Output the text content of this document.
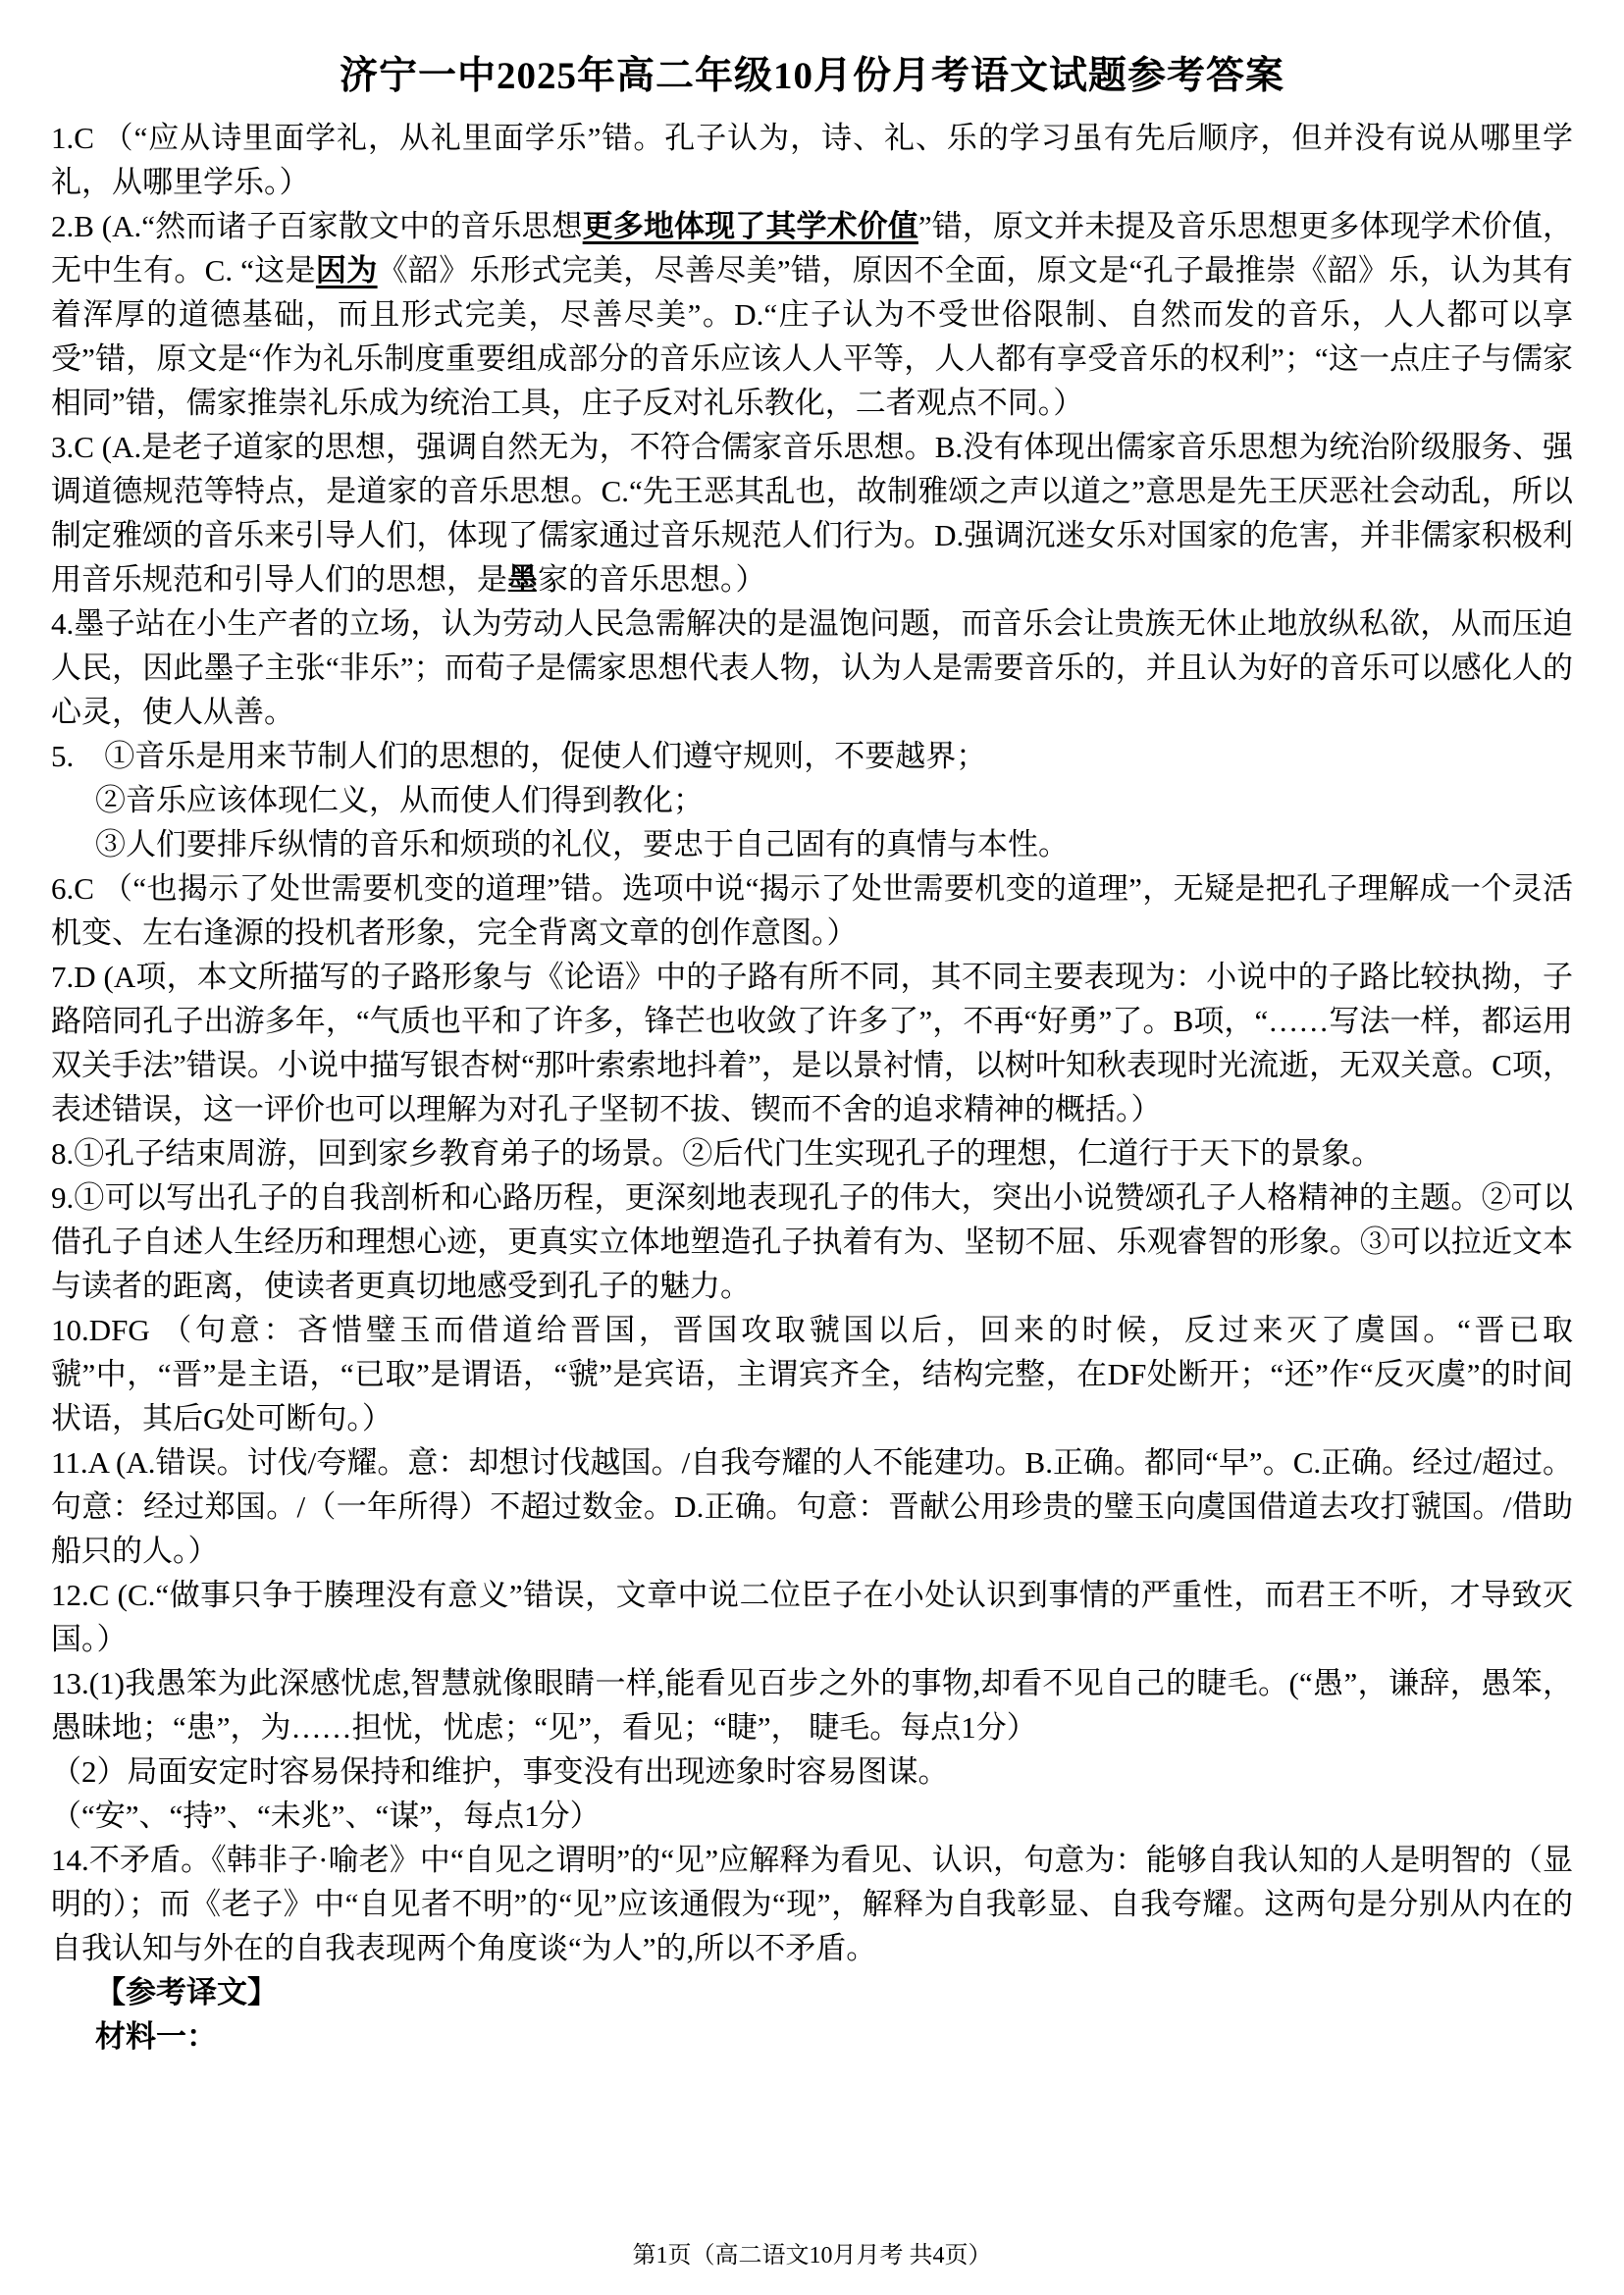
济宁一中2025年高二年级10月份月考语文试题参考答案

1.C （“应从诗里面学礼，从礼里面学乐”错。孔子认为，诗、礼、乐的学习虽有先后顺序，但并没有说从哪里学礼，从哪里学乐。）

2.B (A.“然而诸子百家散文中的音乐思想更多地体现了其学术价值”错，原文并未提及音乐思想更多体现学术价值，无中生有。C. “这是因为《韶》乐形式完美，尽善尽美”错，原因不全面，原文是“孔子最推崇《韶》乐，认为其有着浑厚的道德基础，而且形式完美，尽善尽美”。D.“庄子认为不受世俗限制、自然而发的音乐，人人都可以享受”错，原文是“作为礼乐制度重要组成部分的音乐应该人人平等，人人都有享受音乐的权利”；“这一点庄子与儒家相同”错，儒家推崇礼乐成为统治工具，庄子反对礼乐教化，二者观点不同。）

3.C (A.是老子道家的思想，强调自然无为，不符合儒家音乐思想。B.没有体现出儒家音乐思想为统治阶级服务、强调道德规范等特点，是道家的音乐思想。C.“先王恶其乱也，故制雅颂之声以道之”意思是先王厌恶社会动乱，所以制定雅颂的音乐来引导人们，体现了儒家通过音乐规范人们行为。D.强调沉迷女乐对国家的危害，并非儒家积极利用音乐规范和引导人们的思想，是墨家的音乐思想。）

4.墨子站在小生产者的立场，认为劳动人民急需解决的是温饱问题，而音乐会让贵族无休止地放纵私欲，从而压迫人民，因此墨子主张“非乐”；而荀子是儒家思想代表人物，认为人是需要音乐的，并且认为好的音乐可以感化人的心灵，使人从善。

5.　①音乐是用来节制人们的思想的，促使人们遵守规则，不要越界；

②音乐应该体现仁义，从而使人们得到教化；

③人们要排斥纵情的音乐和烦琐的礼仪，要忠于自己固有的真情与本性。

6.C （“也揭示了处世需要机变的道理”错。选项中说“揭示了处世需要机变的道理”，无疑是把孔子理解成一个灵活机变、左右逢源的投机者形象，完全背离文章的创作意图。）

7.D (A项，本文所描写的子路形象与《论语》中的子路有所不同，其不同主要表现为：小说中的子路比较执拗，子路陪同孔子出游多年，“气质也平和了许多，锋芒也收敛了许多了”，不再“好勇”了。B项，“……写法一样，都运用双关手法”错误。小说中描写银杏树“那叶索索地抖着”，是以景衬情，以树叶知秋表现时光流逝，无双关意。C项，表述错误，这一评价也可以理解为对孔子坚韧不拔、锲而不舍的追求精神的概括。）

8.①孔子结束周游，回到家乡教育弟子的场景。②后代门生实现孔子的理想，仁道行于天下的景象。

9.①可以写出孔子的自我剖析和心路历程，更深刻地表现孔子的伟大，突出小说赞颂孔子人格精神的主题。②可以借孔子自述人生经历和理想心迹，更真实立体地塑造孔子执着有为、坚韧不屈、乐观睿智的形象。③可以拉近文本与读者的距离，使读者更真切地感受到孔子的魅力。

10.DFG （句意：吝惜璧玉而借道给晋国，晋国攻取虢国以后，回来的时候，反过来灭了虞国。“晋已取虢”中，“晋”是主语，“已取”是谓语，“虢”是宾语，主谓宾齐全，结构完整，在DF处断开；“还”作“反灭虞”的时间状语，其后G处可断句。）

11.A (A.错误。讨伐/夸耀。意：却想讨伐越国。/自我夸耀的人不能建功。B.正确。都同“早”。C.正确。经过/超过。句意：经过郑国。/（一年所得）不超过数金。D.正确。句意：晋献公用珍贵的璧玉向虞国借道去攻打虢国。/借助船只的人。）

12.C (C.“做事只争于腠理没有意义”错误，文章中说二位臣子在小处认识到事情的严重性，而君王不听，才导致灭国。）

13.(1)我愚笨为此深感忧虑,智慧就像眼睛一样,能看见百步之外的事物,却看不见自己的睫毛。(“愚”，谦辞，愚笨，愚昧地；“患”，为……担忧，忧虑；“见”，看见；“睫”， 睫毛。每点1分）

（2）局面安定时容易保持和维护，事变没有出现迹象时容易图谋。

（“安”、“持”、“未兆”、“谋”，每点1分）

14.不矛盾。《韩非子·喻老》中“自见之谓明”的“见”应解释为看见、认识，句意为：能够自我认知的人是明智的（显明的）；而《老子》中“自见者不明”的“见”应该通假为“现”，解释为自我彰显、自我夸耀。这两句是分别从内在的自我认知与外在的自我表现两个角度谈“为人”的,所以不矛盾。

【参考译文】

材料一：

第1页（高二语文10月月考 共4页）
